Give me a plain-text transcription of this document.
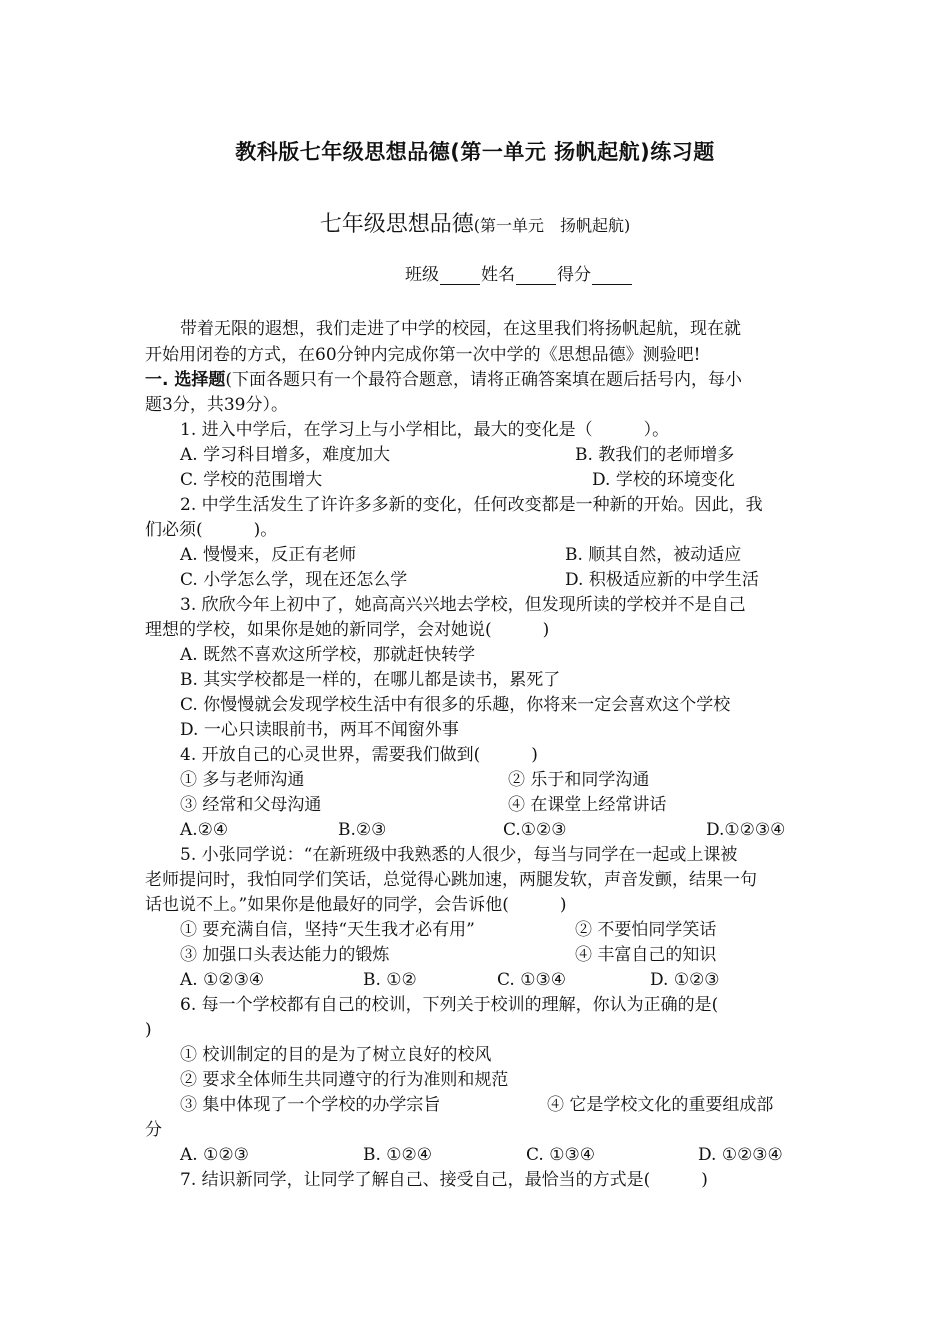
教科版七年级思想品德(第一单元 扬帆起航)练习题
七年级思想品德(第一单元　扬帆起航)
班级 姓名 得分
带着无限的遐想，我们走进了中学的校园，在这里我们将扬帆起航，现在就
开始用闭卷的方式，在60分钟内完成你第一次中学的《思想品德》测验吧!
一. 选择题(下面各题只有一个最符合题意，请将正确答案填在题后括号内，每小
题3分，共39分）。
1. 进入中学后，在学习上与小学相比，最大的变化是（　　　）。
A. 学习科目增多，难度加大	B. 教我们的老师增多
C. 学校的范围增大	D. 学校的环境变化
2. 中学生活发生了许许多多新的变化，任何改变都是一种新的开始。因此，我
们必须(　　　)。
A. 慢慢来，反正有老师	B. 顺其自然，被动适应
C. 小学怎么学，现在还怎么学	D. 积极适应新的中学生活
3. 欣欣今年上初中了，她高高兴兴地去学校，但发现所读的学校并不是自己
理想的学校，如果你是她的新同学，会对她说(　　　)
A. 既然不喜欢这所学校，那就赶快转学
B. 其实学校都是一样的，在哪儿都是读书，累死了
C. 你慢慢就会发现学校生活中有很多的乐趣，你将来一定会喜欢这个学校
D. 一心只读眼前书，两耳不闻窗外事
4. 开放自己的心灵世界，需要我们做到(　　　)
① 多与老师沟通	② 乐于和同学沟通
③ 经常和父母沟通	④ 在课堂上经常讲话
A.②④	B.②③	C.①②③	D.①②③④
5. 小张同学说：“在新班级中我熟悉的人很少，每当与同学在一起或上课被
老师提问时，我怕同学们笑话，总觉得心跳加速，两腿发软，声音发颤，结果一句
话也说不上。”如果你是他最好的同学，会告诉他(　　　)
① 要充满自信，坚持“天生我才必有用”	② 不要怕同学笑话
③ 加强口头表达能力的锻炼	④ 丰富自己的知识
A. ①②③④	B. ①②	C. ①③④	D. ①②③
6. 每一个学校都有自己的校训，下列关于校训的理解，你认为正确的是(
)
① 校训制定的目的是为了树立良好的校风
② 要求全体师生共同遵守的行为准则和规范
③ 集中体现了一个学校的办学宗旨	④ 它是学校文化的重要组成部
分
A. ①②③	B. ①②④	C. ①③④	D. ①②③④
7. 结识新同学，让同学了解自己、接受自己，最恰当的方式是(　　　)
